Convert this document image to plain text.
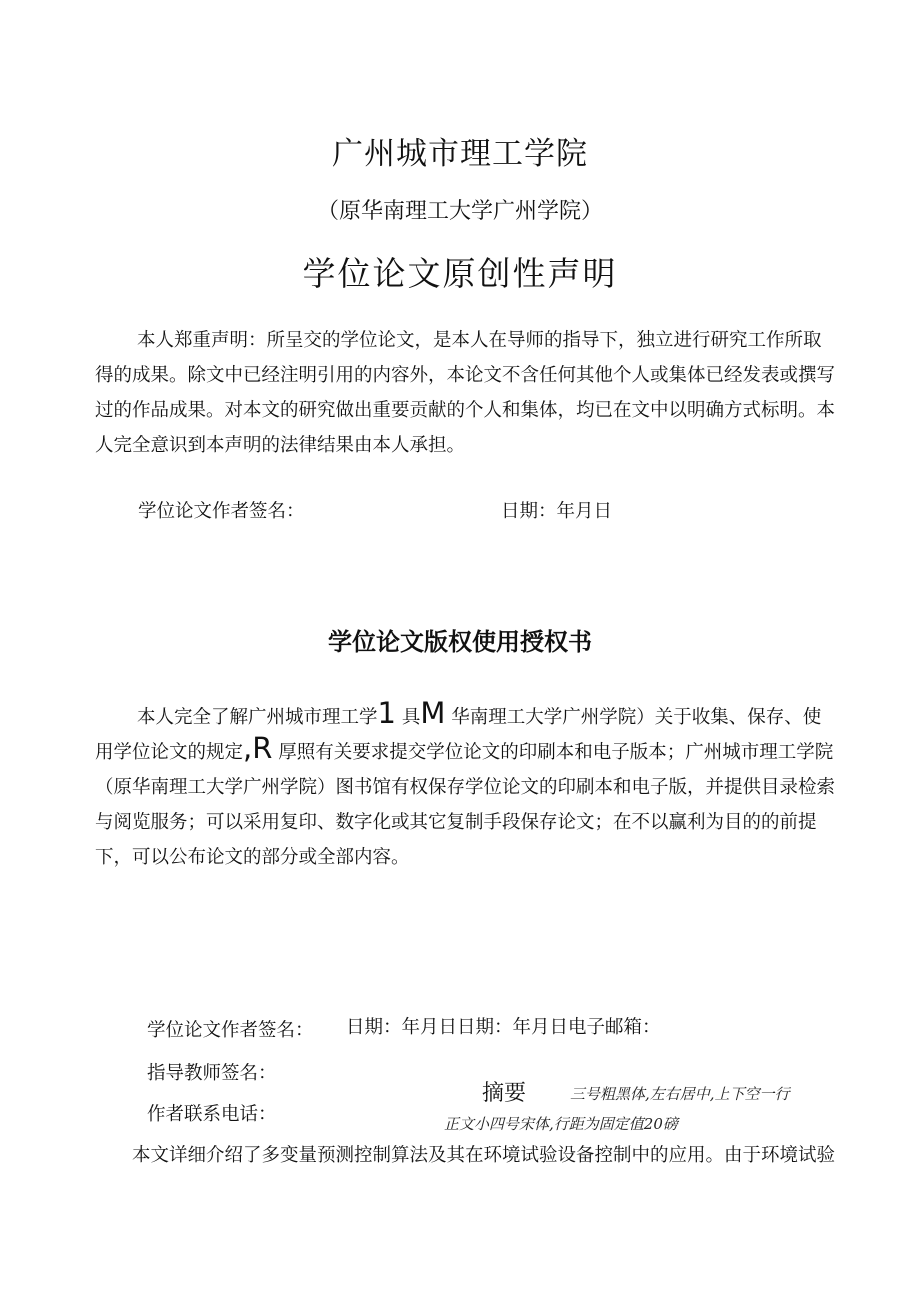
广州城市理工学院
（原华南理工大学广州学院）
学位论文原创性声明

本人郑重声明：所呈交的学位论文，是本人在导师的指导下，独立进行研究工作所取得的成果。除文中已经注明引用的内容外，本论文不含任何其他个人或集体已经发表或撰写过的作品成果。对本文的研究做出重要贡献的个人和集体，均已在文中以明确方式标明。本人完全意识到本声明的法律结果由本人承担。

学位论文作者签名：	日期：年月日
学位论文版权使用授权书

本人完全了解广州城市理工学1 具M 华南理工大学广州学院）关于收集、保存、使用学位论文的规定,R 厚照有关要求提交学位论文的印刷本和电子版本；广州城市理工学院（原华南理工大学广州学院）图书馆有权保存学位论文的印刷本和电子版，并提供目录检索与阅览服务；可以采用复印、数字化或其它复制手段保存论文；在不以赢利为目的的前提下，可以公布论文的部分或全部内容。

学位论文作者签名： 日期：年月日日期：年月日电子邮箱：
指导教师签名：
作者联系电话：
摘要	三号粗黑体,左右居中,上下空一行
正文小四号宋体,行距为固定值20磅
本文详细介绍了多变量预测控制算法及其在环境试验设备控制中的应用。由于环境试验
